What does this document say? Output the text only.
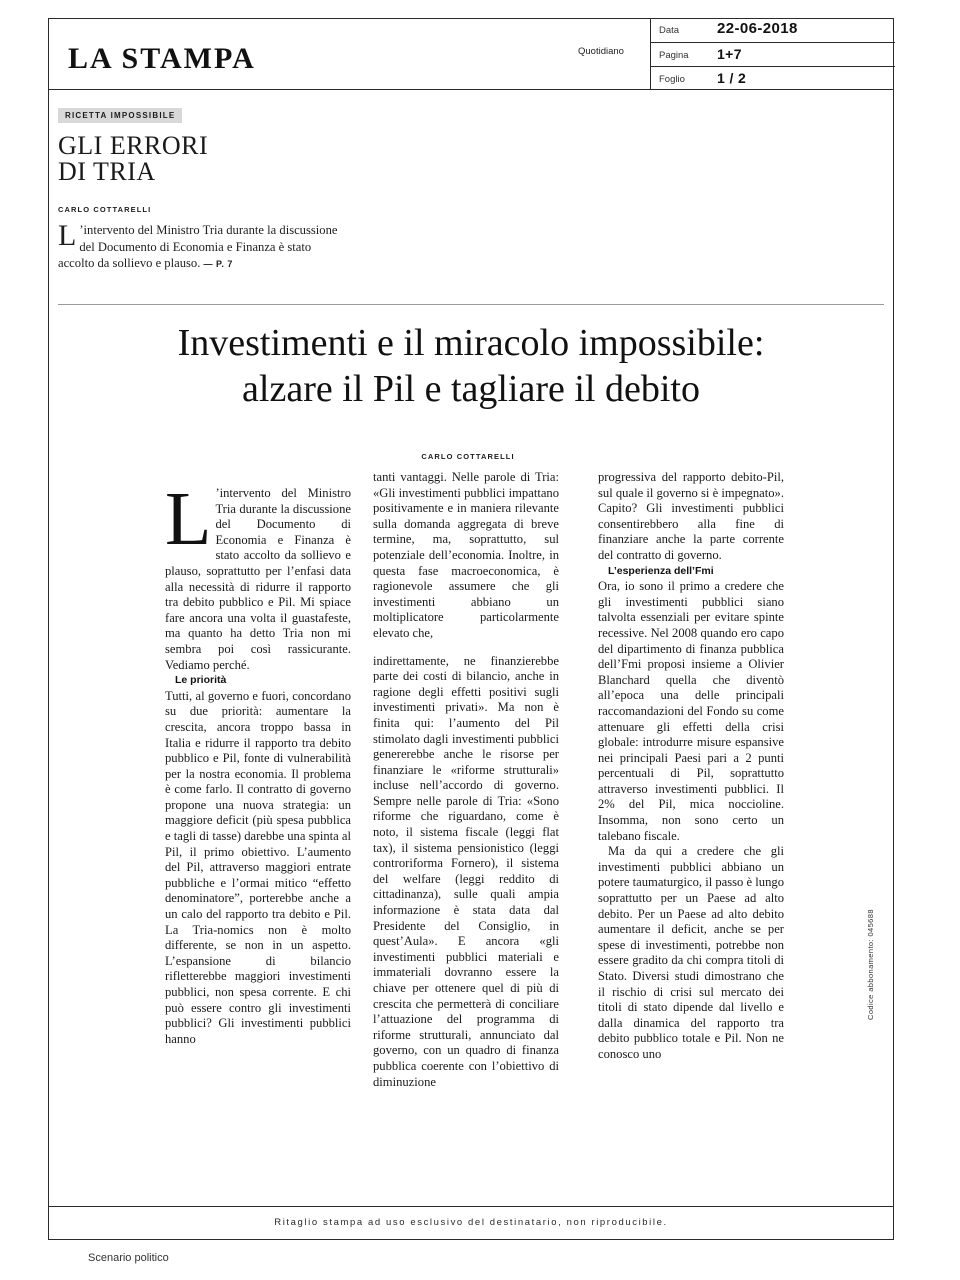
LA STAMPA	Quotidiano
Data	22-06-2018
Pagina 1+7
Foglio 1 / 2
RICETTA IMPOSSIBILE
GLI ERRORI
DI TRIA
CARLO COTTARELLI
L ’intervento del Ministro Tria durante la discussione del Documento di Economia e Finanza è stato accolto da sollievo e plauso. — P. 7
Investimenti e il miracolo impossibile:
alzare il Pil e tagliare il debito
CARLO COTTARELLI

L ’intervento del Ministro Tria durante la discussione del Documento di Economia e Finanza è stato accolto da sollievo e plauso, soprattutto per l’enfasi data alla necessità di ridurre il rapporto tra debito pubblico e Pil. Mi spiace fare ancora una volta il guastafeste, ma quanto ha detto Tria non mi sembra poi così rassicurante. Vediamo perché.

Le priorità

Tutti, al governo e fuori, concordano su due priorità: aumentare la crescita, ancora troppo bassa in Italia e ridurre il rapporto tra debito pubblico e Pil, fonte di vulnerabilità per la nostra economia. Il problema è come farlo. Il contratto di governo propone una nuova strategia: un maggiore deficit (più spesa pubblica e tagli di tasse) darebbe una spinta al Pil, il primo obiettivo. L’aumento del Pil, attraverso maggiori entrate pubbliche e l’ormai mitico “effetto denominatore”, porterebbe anche a un calo del rapporto tra debito e Pil. La Tria-nomics non è molto differente, se non in un aspetto. L’espansione di bilancio rifletterebbe maggiori investimenti pubblici, non spesa corrente. E chi può essere contro gli investimenti pubblici? Gli investimenti pubblici hanno

tanti vantaggi. Nelle parole di Tria: «Gli investimenti pubblici impattano positivamente e in maniera rilevante sulla domanda aggregata di breve termine, ma, soprattutto, sul potenziale dell’economia. Inoltre, in questa fase macroeconomica, è ragionevole assumere che gli investimenti abbiano un moltiplicatore particolarmente elevato che,

indirettamente, ne finanzierebbe parte dei costi di bilancio, anche in ragione degli effetti positivi sugli investimenti privati». Ma non è finita qui: l’aumento del Pil stimolato dagli investimenti pubblici genererebbe anche le risorse per finanziare le «riforme strutturali» incluse nell’accordo di governo. Sempre nelle parole di Tria: «Sono riforme che riguardano, come è noto, il sistema fiscale (leggi flat tax), il sistema pensionistico (leggi controriforma Fornero), il sistema del welfare (leggi reddito di cittadinanza), sulle quali ampia informazione è stata data dal Presidente del Consiglio, in quest’Aula». E ancora «gli investimenti pubblici materiali e immateriali dovranno essere la chiave per ottenere quel di più di crescita che permetterà di conciliare l’attuazione del programma di riforme strutturali, annunciato dal governo, con un quadro di finanza pubblica coerente con l’obiettivo di diminuzione

progressiva del rapporto debito-Pil, sul quale il governo si è impegnato». Capito? Gli investimenti pubblici consentirebbero alla fine di finanziare anche la parte corrente del contratto di governo.

L’esperienza dell’Fmi

Ora, io sono il primo a credere che gli investimenti pubblici siano talvolta essenziali per evitare spinte recessive. Nel 2008 quando ero capo del dipartimento di finanza pubblica dell’Fmi proposi insieme a Olivier Blanchard quella che diventò all’epoca una delle principali raccomandazioni del Fondo su come attenuare gli effetti della crisi globale: introdurre misure espansive nei principali Paesi pari a 2 punti percentuali di Pil, soprattutto attraverso investimenti pubblici. Il 2% del Pil, mica noccioline. Insomma, non sono certo un talebano fiscale.

Ma da qui a credere che gli investimenti pubblici abbiano un potere taumaturgico, il passo è lungo soprattutto per un Paese ad alto debito. Per un Paese ad alto debito aumentare il deficit, anche se per spese di investimenti, potrebbe non essere gradito da chi compra titoli di Stato. Diversi studi dimostrano che il rischio di crisi sul mercato dei titoli di stato dipende dal livello e dalla dinamica del rapporto tra debito pubblico totale e Pil. Non ne conosco uno

Codice abbonamento: 045688
Ritaglio stampa ad uso esclusivo del destinatario, non riproducibile.
Scenario politico
